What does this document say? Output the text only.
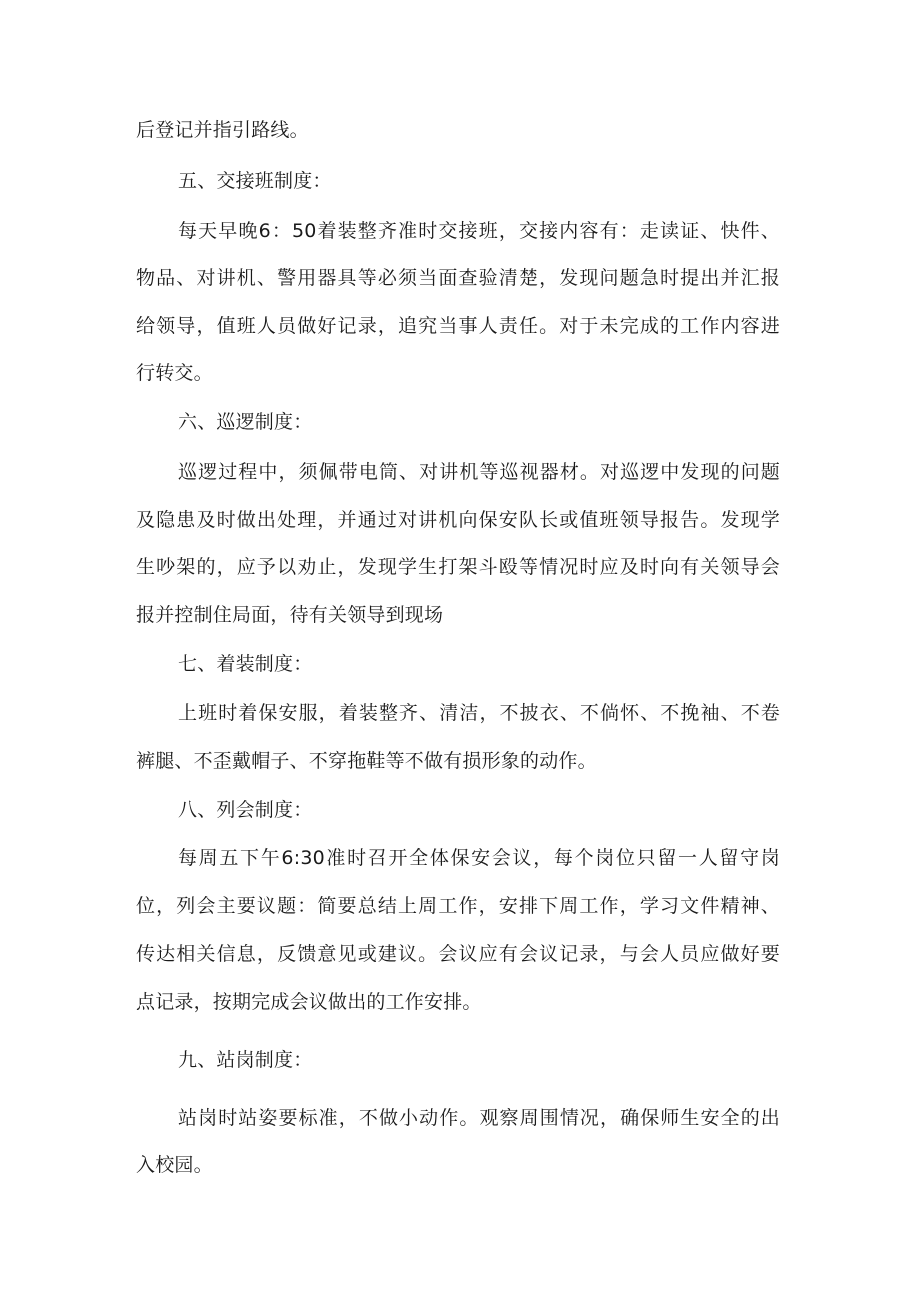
后登记并指引路线。
五、交接班制度：
每天早晚6：50着装整齐准时交接班，交接内容有：走读证、快件、
物品、对讲机、警用器具等必须当面查验清楚，发现问题急时提出并汇报
给领导，值班人员做好记录，追究当事人责任。对于未完成的工作内容进
行转交。
六、巡逻制度：
巡逻过程中，须佩带电筒、对讲机等巡视器材。对巡逻中发现的问题
及隐患及时做出处理，并通过对讲机向保安队长或值班领导报告。发现学
生吵架的，应予以劝止，发现学生打架斗殴等情况时应及时向有关领导会
报并控制住局面，待有关领导到现场
七、着装制度：
上班时着保安服，着装整齐、清洁，不披衣、不倘怀、不挽袖、不卷
裤腿、不歪戴帽子、不穿拖鞋等不做有损形象的动作。
八、列会制度：
每周五下午6:30准时召开全体保安会议，每个岗位只留一人留守岗
位，列会主要议题：简要总结上周工作，安排下周工作，学习文件精神、
传达相关信息，反馈意见或建议。会议应有会议记录，与会人员应做好要
点记录，按期完成会议做出的工作安排。
九、站岗制度：
站岗时站姿要标准，不做小动作。观察周围情况，确保师生安全的出
入校园。
